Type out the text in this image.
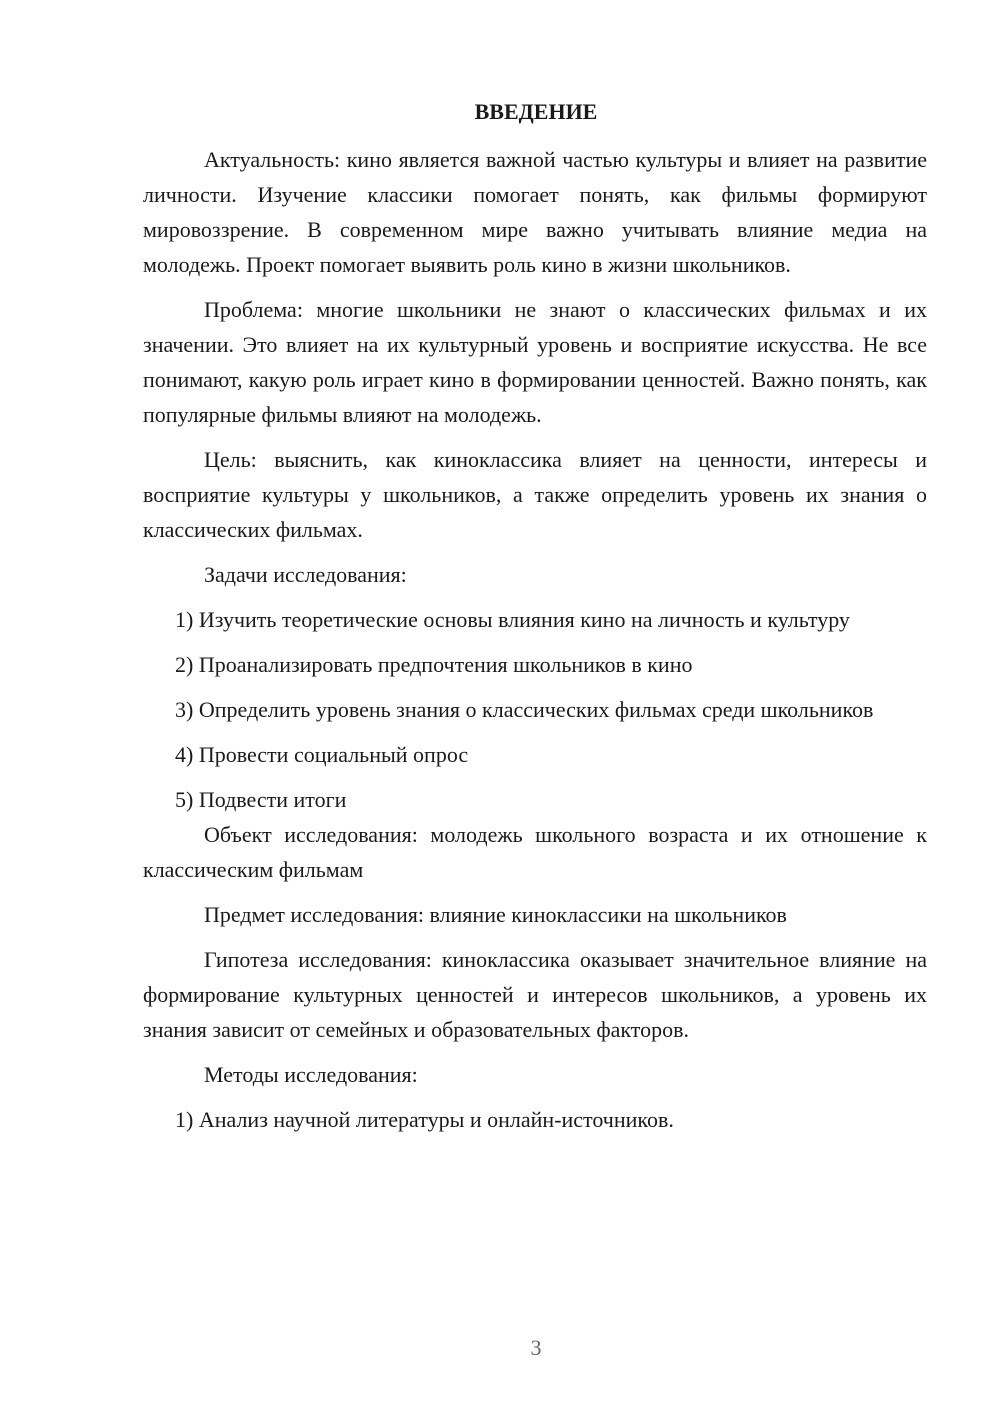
ВВЕДЕНИЕ

Актуальность: кино является важной частью культуры и влияет на развитие личности. Изучение классики помогает понять, как фильмы формируют мировоззрение. В современном мире важно учитывать влияние медиа на молодежь. Проект помогает выявить роль кино в жизни школьников.

Проблема: многие школьники не знают о классических фильмах и их значении. Это влияет на их культурный уровень и восприятие искусства. Не все понимают, какую роль играет кино в формировании ценностей. Важно понять, как популярные фильмы влияют на молодежь.

Цель: выяснить, как киноклассика влияет на ценности, интересы и восприятие культуры у школьников, а также определить уровень их знания о классических фильмах.

Задачи исследования:

1) Изучить теоретические основы влияния кино на личность и культуру

2) Проанализировать предпочтения школьников в кино

3) Определить уровень знания о классических фильмах среди школьников

4) Провести социальный опрос

5) Подвести итоги

Объект исследования: молодежь школьного возраста и их отношение к классическим фильмам

Предмет исследования: влияние киноклассики на школьников

Гипотеза исследования: киноклассика оказывает значительное влияние на формирование культурных ценностей и интересов школьников, а уровень их знания зависит от семейных и образовательных факторов.

Методы исследования:

1) Анализ научной литературы и онлайн-источников.

3
